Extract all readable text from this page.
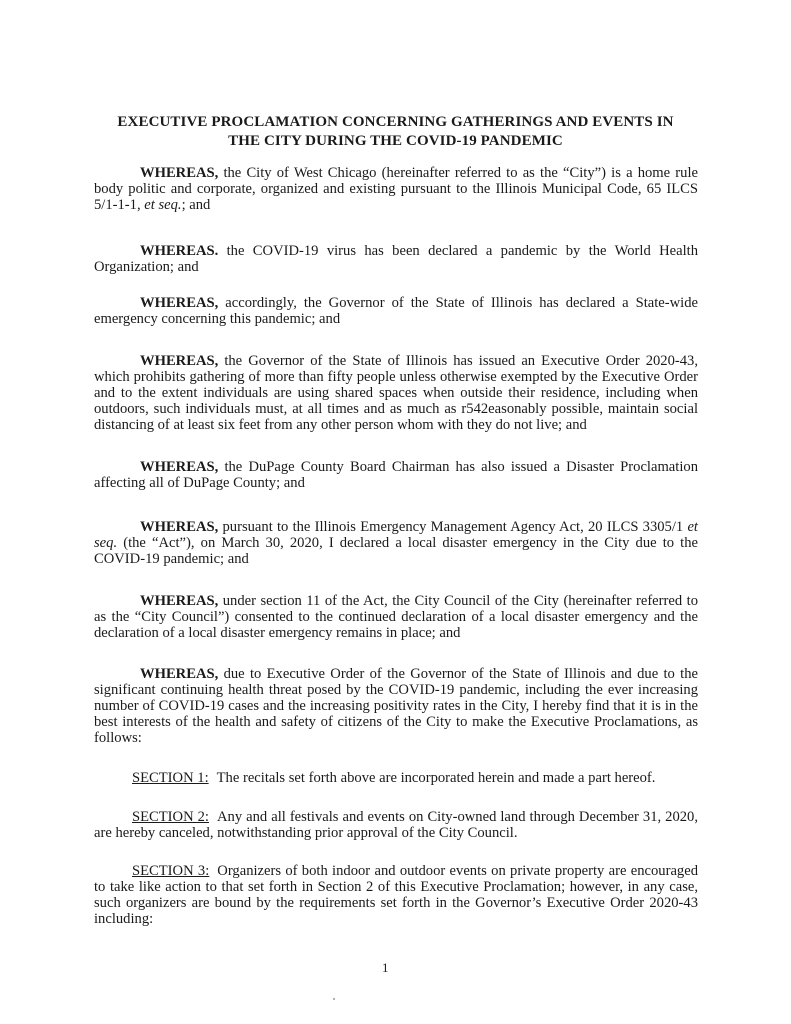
EXECUTIVE PROCLAMATION CONCERNING GATHERINGS AND EVENTS IN
THE CITY DURING THE COVID-19 PANDEMIC
WHEREAS, the City of West Chicago (hereinafter referred to as the “City”) is a home rule body politic and corporate, organized and existing pursuant to the Illinois Municipal Code, 65 ILCS 5/1-1-1, et seq.; and
WHEREAS. the COVID-19 virus has been declared a pandemic by the World Health Organization; and
WHEREAS, accordingly, the Governor of the State of Illinois has declared a State-wide emergency concerning this pandemic; and
WHEREAS, the Governor of the State of Illinois has issued an Executive Order 2020-43, which prohibits gathering of more than fifty people unless otherwise exempted by the Executive Order and to the extent individuals are using shared spaces when outside their residence, including when outdoors, such individuals must, at all times and as much as r542easonably possible, maintain social distancing of at least six feet from any other person whom with they do not live; and
WHEREAS, the DuPage County Board Chairman has also issued a Disaster Proclamation affecting all of DuPage County; and
WHEREAS, pursuant to the Illinois Emergency Management Agency Act, 20 ILCS 3305/1 et seq. (the “Act”), on March 30, 2020, I declared a local disaster emergency in the City due to the COVID-19 pandemic; and
WHEREAS, under section 11 of the Act, the City Council of the City (hereinafter referred to as the “City Council”) consented to the continued declaration of a local disaster emergency and the declaration of a local disaster emergency remains in place; and
WHEREAS, due to Executive Order of the Governor of the State of Illinois and due to the significant continuing health threat posed by the COVID-19 pandemic, including the ever increasing number of COVID-19 cases and the increasing positivity rates in the City, I hereby find that it is in the best interests of the health and safety of citizens of the City to make the Executive Proclamations, as follows:
SECTION 1: The recitals set forth above are incorporated herein and made a part hereof.
SECTION 2: Any and all festivals and events on City-owned land through December 31, 2020, are hereby canceled, notwithstanding prior approval of the City Council.
SECTION 3: Organizers of both indoor and outdoor events on private property are encouraged to take like action to that set forth in Section 2 of this Executive Proclamation; however, in any case, such organizers are bound by the requirements set forth in the Governor’s Executive Order 2020-43 including:
1
